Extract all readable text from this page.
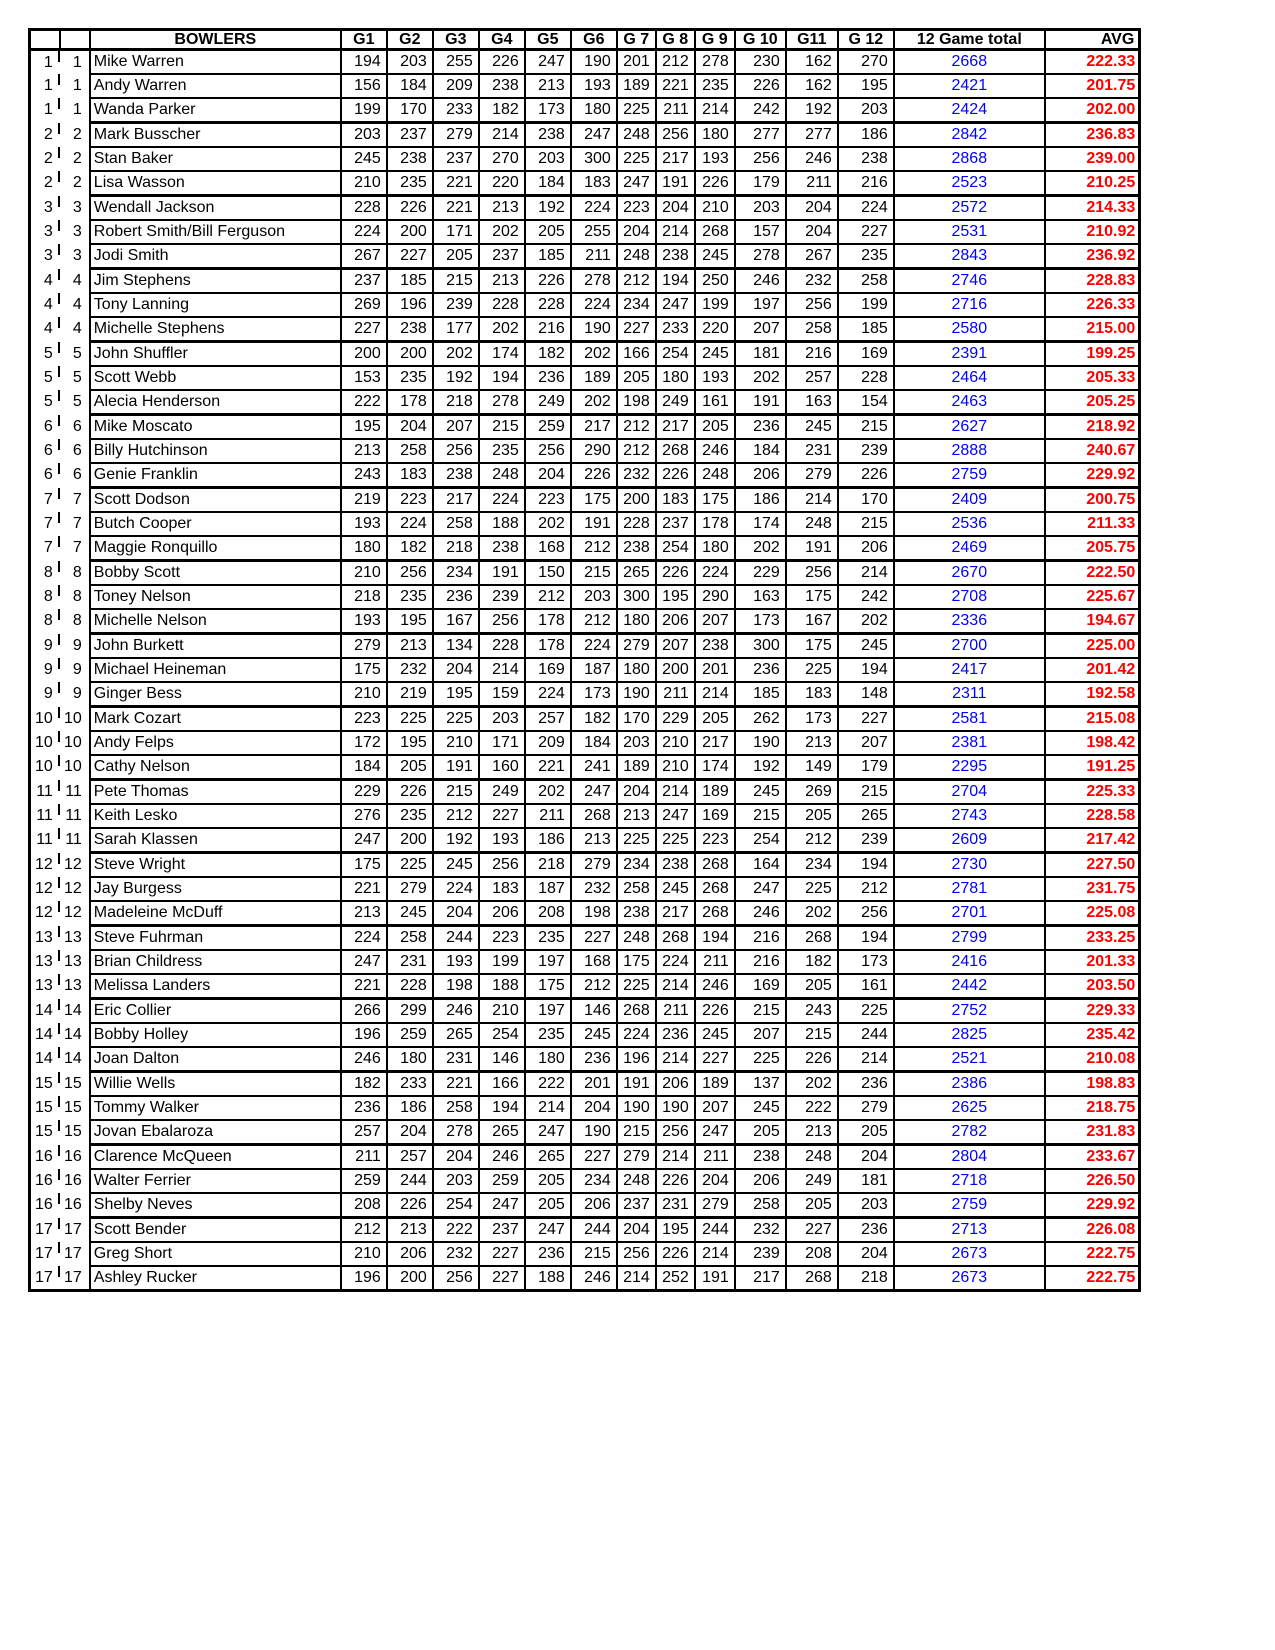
		BOWLERS	G1	G2	G3	G4	G5	G6	G 7	G 8	G 9	G 10	G11	G 12	12 Game total	AVG
1	1	Mike Warren	194	203	255	226	247	190	201	212	278	230	162	270	2668	222.33
1	1	Andy Warren	156	184	209	238	213	193	189	221	235	226	162	195	2421	201.75
1	1	Wanda Parker	199	170	233	182	173	180	225	211	214	242	192	203	2424	202.00
2	2	Mark Busscher	203	237	279	214	238	247	248	256	180	277	277	186	2842	236.83
2	2	Stan Baker	245	238	237	270	203	300	225	217	193	256	246	238	2868	239.00
2	2	Lisa Wasson	210	235	221	220	184	183	247	191	226	179	211	216	2523	210.25
3	3	Wendall Jackson	228	226	221	213	192	224	223	204	210	203	204	224	2572	214.33
3	3	Robert Smith/Bill Ferguson	224	200	171	202	205	255	204	214	268	157	204	227	2531	210.92
3	3	Jodi Smith	267	227	205	237	185	211	248	238	245	278	267	235	2843	236.92
4	4	Jim Stephens	237	185	215	213	226	278	212	194	250	246	232	258	2746	228.83
4	4	Tony Lanning	269	196	239	228	228	224	234	247	199	197	256	199	2716	226.33
4	4	Michelle Stephens	227	238	177	202	216	190	227	233	220	207	258	185	2580	215.00
5	5	John Shuffler	200	200	202	174	182	202	166	254	245	181	216	169	2391	199.25
5	5	Scott Webb	153	235	192	194	236	189	205	180	193	202	257	228	2464	205.33
5	5	Alecia Henderson	222	178	218	278	249	202	198	249	161	191	163	154	2463	205.25
6	6	Mike Moscato	195	204	207	215	259	217	212	217	205	236	245	215	2627	218.92
6	6	Billy Hutchinson	213	258	256	235	256	290	212	268	246	184	231	239	2888	240.67
6	6	Genie Franklin	243	183	238	248	204	226	232	226	248	206	279	226	2759	229.92
7	7	Scott Dodson	219	223	217	224	223	175	200	183	175	186	214	170	2409	200.75
7	7	Butch Cooper	193	224	258	188	202	191	228	237	178	174	248	215	2536	211.33
7	7	Maggie Ronquillo	180	182	218	238	168	212	238	254	180	202	191	206	2469	205.75
8	8	Bobby Scott	210	256	234	191	150	215	265	226	224	229	256	214	2670	222.50
8	8	Toney Nelson	218	235	236	239	212	203	300	195	290	163	175	242	2708	225.67
8	8	Michelle Nelson	193	195	167	256	178	212	180	206	207	173	167	202	2336	194.67
9	9	John Burkett	279	213	134	228	178	224	279	207	238	300	175	245	2700	225.00
9	9	Michael Heineman	175	232	204	214	169	187	180	200	201	236	225	194	2417	201.42
9	9	Ginger Bess	210	219	195	159	224	173	190	211	214	185	183	148	2311	192.58
10	10	Mark Cozart	223	225	225	203	257	182	170	229	205	262	173	227	2581	215.08
10	10	Andy Felps	172	195	210	171	209	184	203	210	217	190	213	207	2381	198.42
10	10	Cathy Nelson	184	205	191	160	221	241	189	210	174	192	149	179	2295	191.25
11	11	Pete Thomas	229	226	215	249	202	247	204	214	189	245	269	215	2704	225.33
11	11	Keith Lesko	276	235	212	227	211	268	213	247	169	215	205	265	2743	228.58
11	11	Sarah Klassen	247	200	192	193	186	213	225	225	223	254	212	239	2609	217.42
12	12	Steve Wright	175	225	245	256	218	279	234	238	268	164	234	194	2730	227.50
12	12	Jay Burgess	221	279	224	183	187	232	258	245	268	247	225	212	2781	231.75
12	12	Madeleine McDuff	213	245	204	206	208	198	238	217	268	246	202	256	2701	225.08
13	13	Steve Fuhrman	224	258	244	223	235	227	248	268	194	216	268	194	2799	233.25
13	13	Brian Childress	247	231	193	199	197	168	175	224	211	216	182	173	2416	201.33
13	13	Melissa Landers	221	228	198	188	175	212	225	214	246	169	205	161	2442	203.50
14	14	Eric Collier	266	299	246	210	197	146	268	211	226	215	243	225	2752	229.33
14	14	Bobby Holley	196	259	265	254	235	245	224	236	245	207	215	244	2825	235.42
14	14	Joan Dalton	246	180	231	146	180	236	196	214	227	225	226	214	2521	210.08
15	15	Willie Wells	182	233	221	166	222	201	191	206	189	137	202	236	2386	198.83
15	15	Tommy Walker	236	186	258	194	214	204	190	190	207	245	222	279	2625	218.75
15	15	Jovan Ebalaroza	257	204	278	265	247	190	215	256	247	205	213	205	2782	231.83
16	16	Clarence McQueen	211	257	204	246	265	227	279	214	211	238	248	204	2804	233.67
16	16	Walter Ferrier	259	244	203	259	205	234	248	226	204	206	249	181	2718	226.50
16	16	Shelby Neves	208	226	254	247	205	206	237	231	279	258	205	203	2759	229.92
17	17	Scott Bender	212	213	222	237	247	244	204	195	244	232	227	236	2713	226.08
17	17	Greg Short	210	206	232	227	236	215	256	226	214	239	208	204	2673	222.75
17	17	Ashley Rucker	196	200	256	227	188	246	214	252	191	217	268	218	2673	222.75
